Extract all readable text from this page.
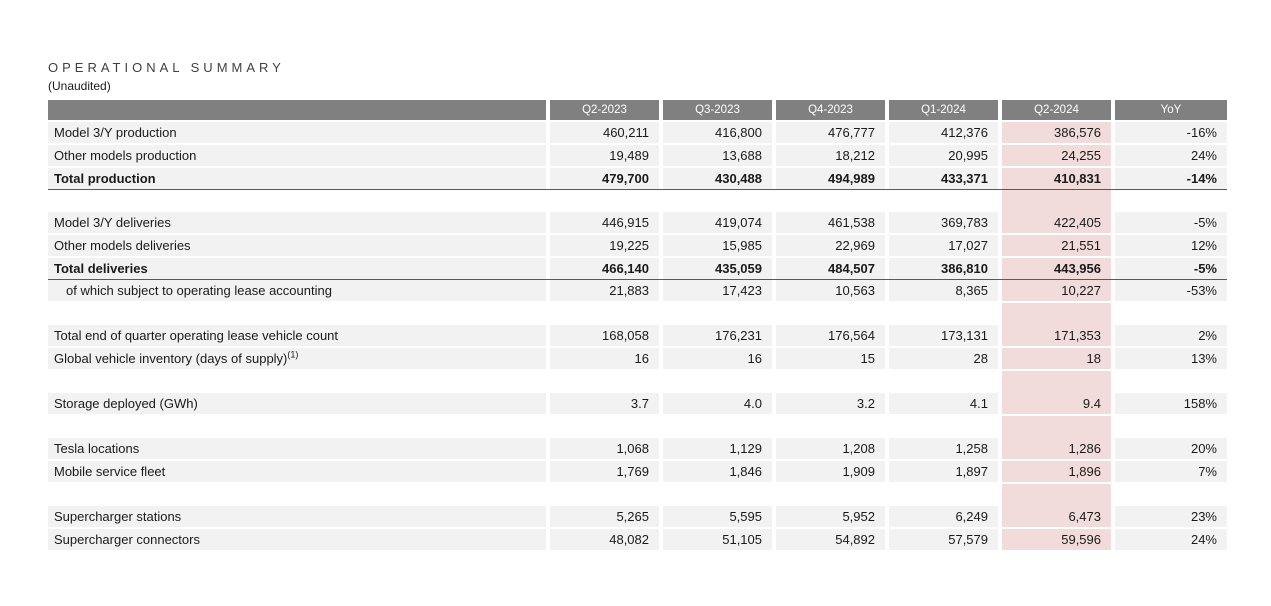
OPERATIONAL SUMMARY
(Unaudited)
Q2-2023	Q3-2023	Q4-2023	Q1-2024	Q2-2024	YoY
Model 3/Y production	460,211	416,800	476,777	412,376	386,576	-16%
Other models production	19,489	13,688	18,212	20,995	24,255	24%
Total production	479,700	430,488	494,989	433,371	410,831	-14%
Model 3/Y deliveries	446,915	419,074	461,538	369,783	422,405	-5%
Other models deliveries	19,225	15,985	22,969	17,027	21,551	12%
Total deliveries	466,140	435,059	484,507	386,810	443,956	-5%
of which subject to operating lease accounting	21,883	17,423	10,563	8,365	10,227	-53%
Total end of quarter operating lease vehicle count	168,058	176,231	176,564	173,131	171,353	2%
Global vehicle inventory (days of supply)$^{(1)}$	16	16	15	28	18	13%
Storage deployed (GWh)	3.7	4.0	3.2	4.1	9.4	158%
Tesla locations	1,068	1,129	1,208	1,258	1,286	20%
Mobile service fleet	1,769	1,846	1,909	1,897	1,896	7%
Supercharger stations	5,265	5,595	5,952	6,249	6,473	23%
Supercharger connectors	48,082	51,105	54,892	57,579	59,596	24%
